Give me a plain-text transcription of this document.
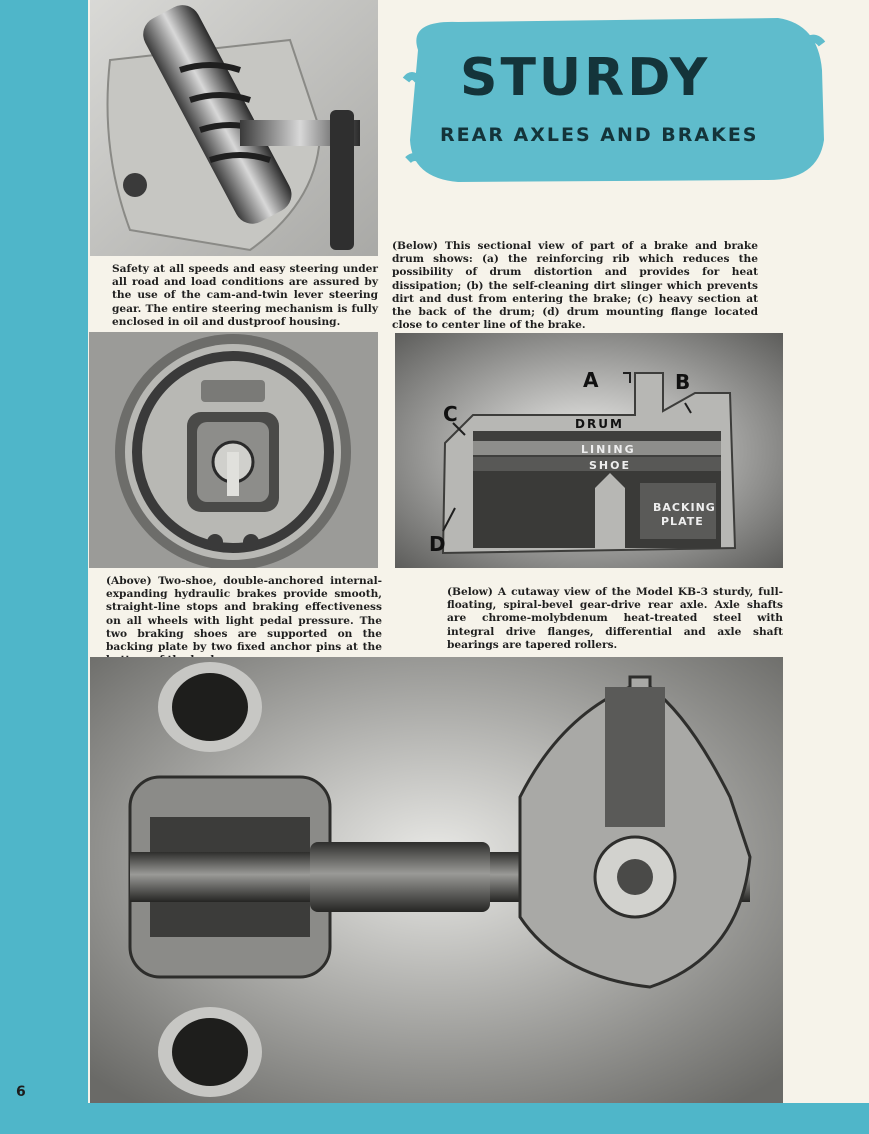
Safety at all speeds and easy steering under all road and load conditions are assured by the use of the cam-and-twin lever steering gear. The entire steering mechanism is fully enclosed in oil and dustproof housing.
STURDY
REAR AXLES AND BRAKES
(Below) This sectional view of part of a brake and brake drum shows: (a) the reinforcing rib which reduces the possibility of drum distortion and provides for heat dissipation; (b) the self-cleaning dirt slinger which prevents dirt and dust from entering the brake; (c) heavy section at the back of the drum; (d) drum mounting flange located close to center line of the brake.
A	B
C
D
DRUM
LINING
SHOE
BACKING
PLATE
(Above) Two-shoe, double-anchored internal-expanding hydraulic brakes provide smooth, straight-line stops and braking effectiveness on all wheels with light pedal pressure. The two braking shoes are supported on the backing plate by two fixed anchor pins at the
(Below) A cutaway view of the Model KB-3 sturdy, full-floating, spiral-bevel gear-drive rear axle. Axle shafts are chrome-molybdenum heat-treated steel with integral drive flanges, differential and axle shaft bearings are tapered rollers.
6
